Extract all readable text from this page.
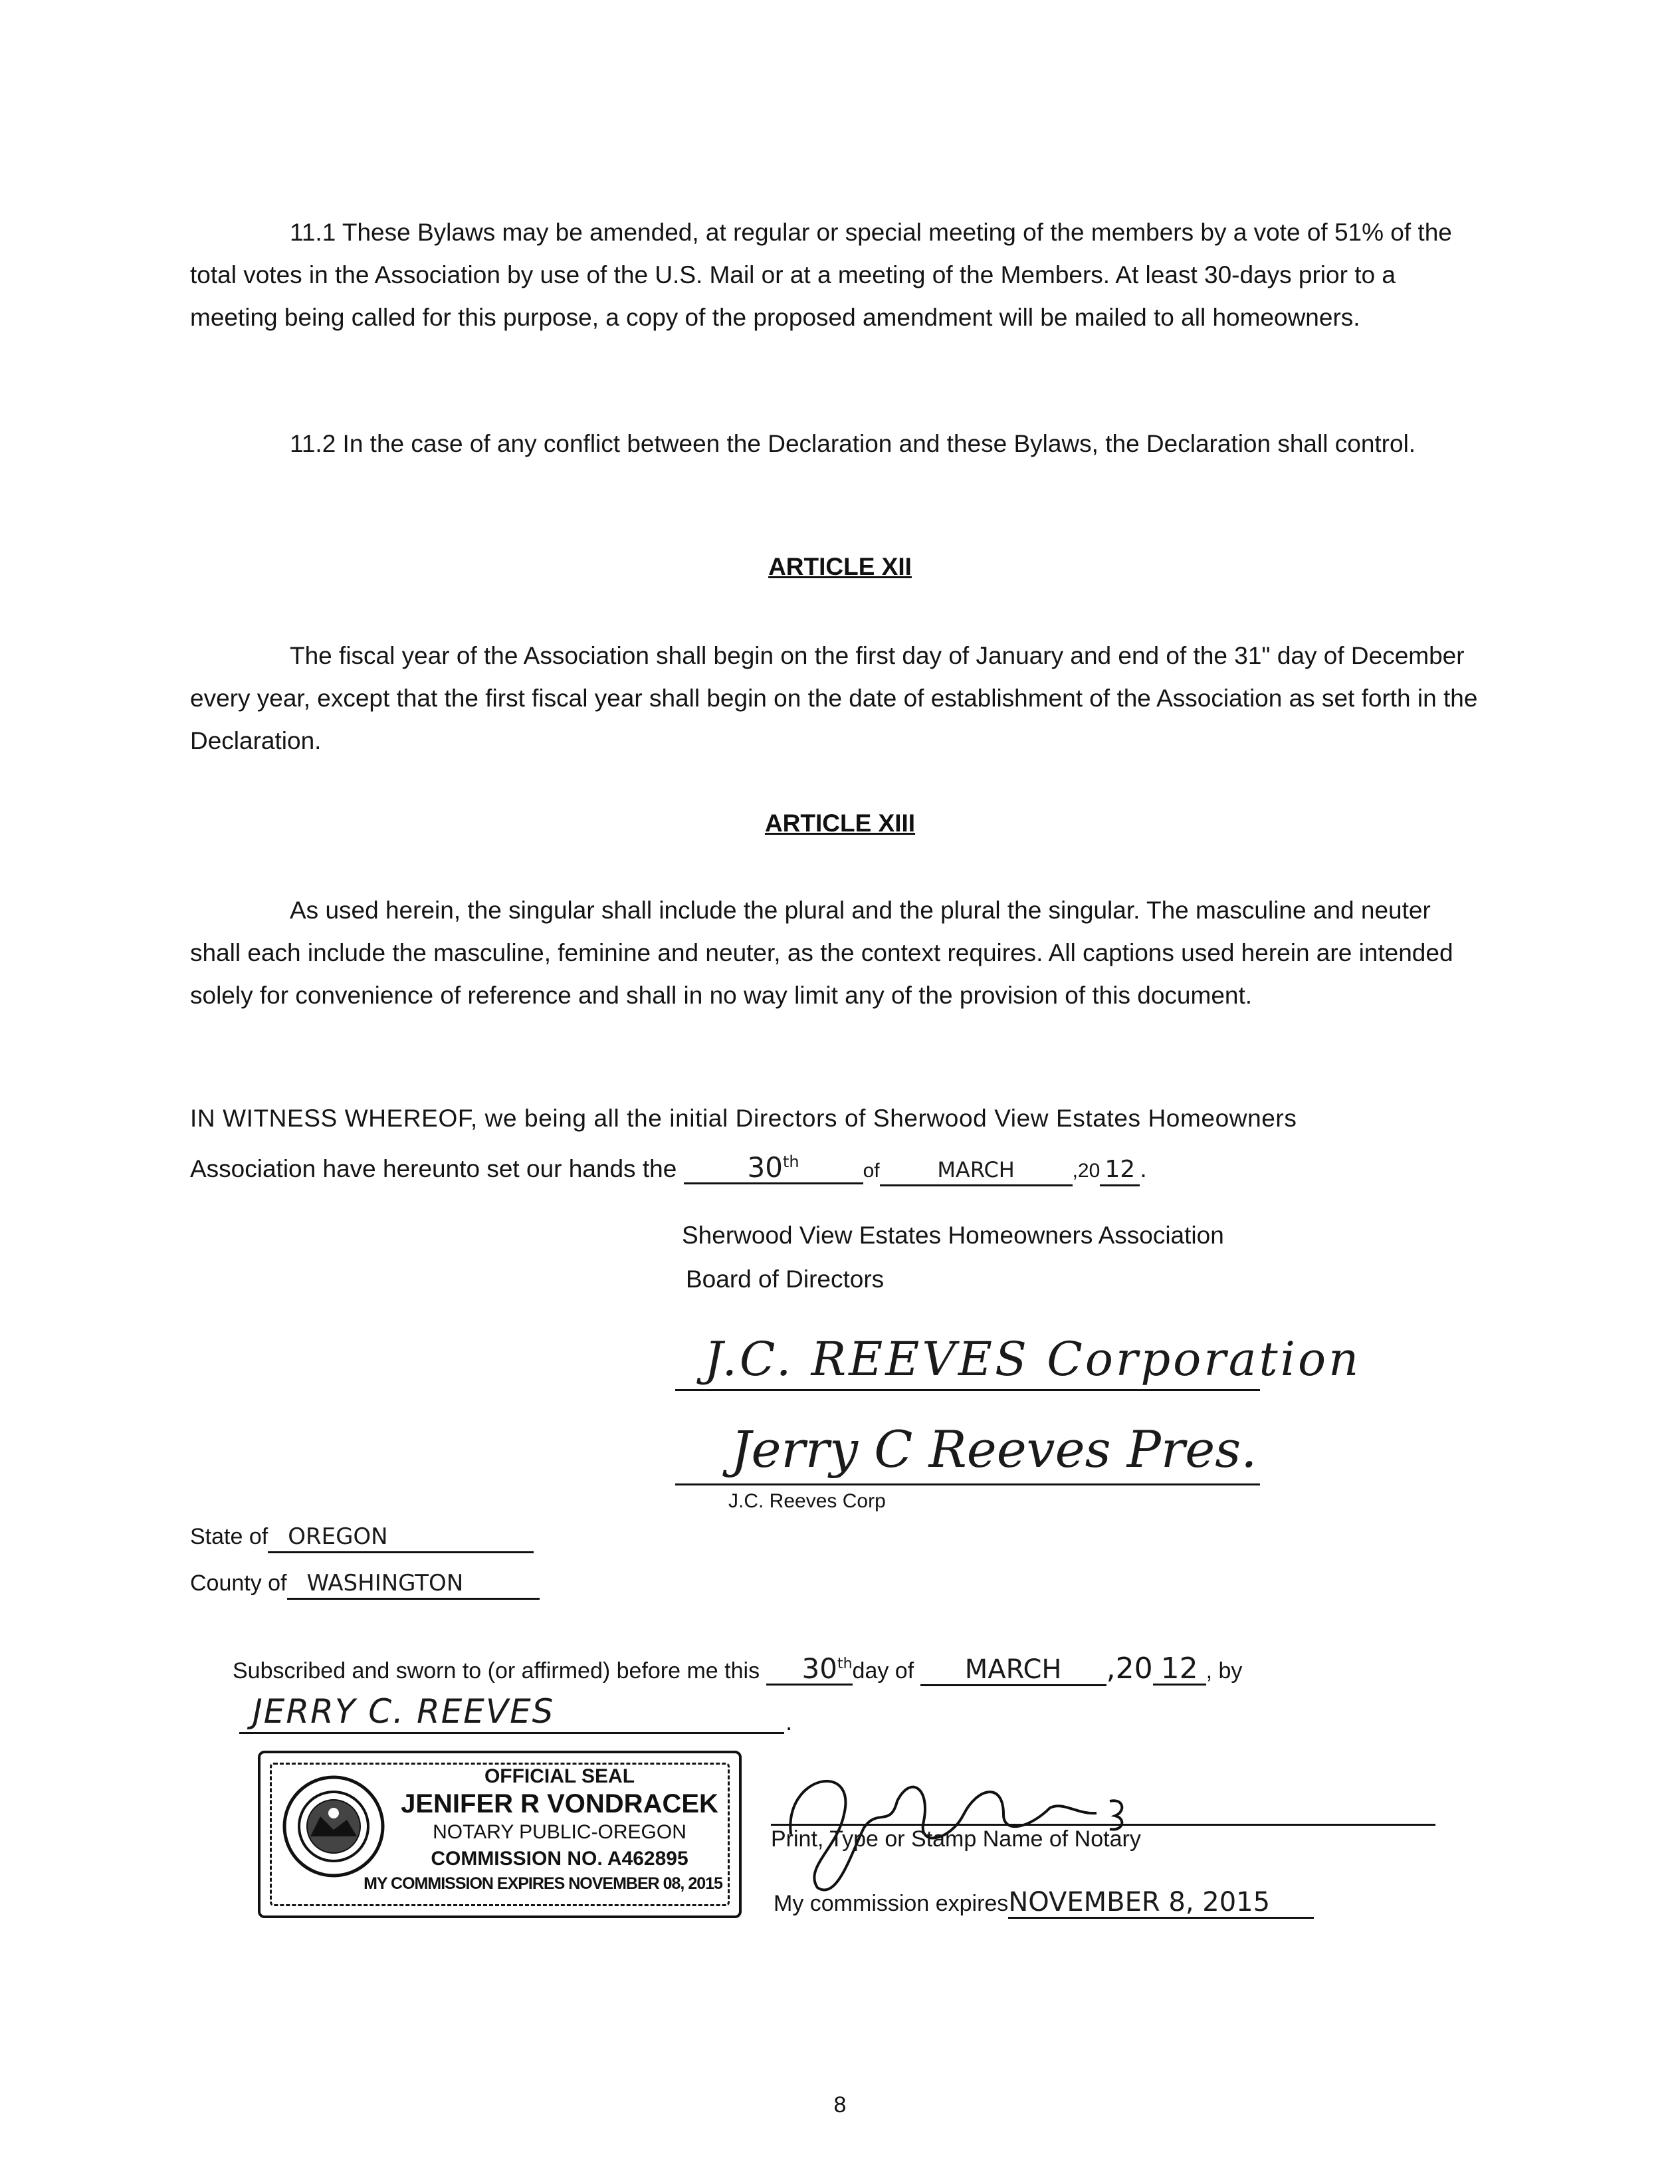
11.1 These Bylaws may be amended, at regular or special meeting of the members by a vote of 51% of the total votes in the Association by use of the U.S. Mail or at a meeting of the Members. At least 30-days prior to a meeting being called for this purpose, a copy of the proposed amendment will be mailed to all homeowners.

11.2 In the case of any conflict between the Declaration and these Bylaws, the Declaration shall control.

ARTICLE XII

The fiscal year of the Association shall begin on the first day of January and end of the 31" day of December every year, except that the first fiscal year shall begin on the date of establishment of the Association as set forth in the Declaration.

ARTICLE XIII

As used herein, the singular shall include the plural and the plural the singular. The masculine and neuter shall each include the masculine, feminine and neuter, as the context requires. All captions used herein are intended solely for convenience of reference and shall in no way limit any of the provision of this document.

IN WITNESS WHEREOF, we being all the initial Directors of Sherwood View Estates Homeowners
Association have hereunto set our hands the	30th	of	MARCH	,20 12 .
Sherwood View Estates Homeowners Association
Board of Directors
J.C. REEVES Corporation
Jerry C Reeves Pres.
J.C. Reeves Corp
State of OREGON
County of WASHINGTON
Subscribed and sworn to (or affirmed) before me this 30thday of MARCH ,20 12 , by
JERRY C. REEVES	.
OFFICIAL SEAL
JENIFER R VONDRACEK
NOTARY PUBLIC-OREGON
COMMISSION NO. A462895
MY COMMISSION EXPIRES NOVEMBER 08, 2015
Print, Type or Stamp Name of Notary
My commission expiresNOVEMBER 8, 2015
8
